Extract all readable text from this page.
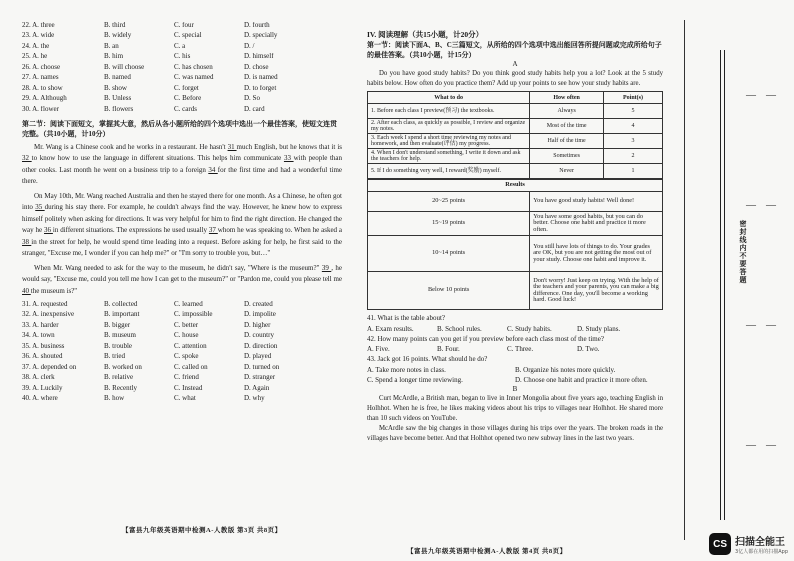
22. A. three	B. third	C. four	D. fourth
23. A. wide	B. widely	C. special	D. specially
24. A. the	B. an	C. a	D. /
25. A. he	B. him	C. his	D. himself
26. A. choose	B. will choose	C. has chosen	D. chose
27. A. names	B. named	C. was named	D. is named
28. A. to show	B. show	C. forget	D. to forget
29. A. Although	B. Unless	C. Before	D. So
30. A. flower	B. flowers	C. cards	D. card
第二节：阅读下面短文，掌握其大意，然后从各小题所给的四个选项中选出一个最佳答案，使短文连贯完整。（共10小题，计10分）
Mr. Wang is a Chinese cook and he works in a restaurant. He hasn't 31 much English, but he knows that it is 32 to know how to use the language in different situations. This helps him communicate 33 with people than other cooks. Last month he went on a business trip to a foreign 34 for the first time and had a wonderful time there.
On May 10th, Mr. Wang reached Australia and then he stayed there for one month. As a Chinese, he often got into 35 during his stay there. For example, he couldn't always find the way. However, he knew how to express himself politely when asking for directions. It was very helpful for him to find the right direction. He changed the way he 36 in different situations. The expressions he used usually 37 whom he was speaking to. When he asked a 38 in the street for help, he would spend time leading into a request. Before asking for help, he first said to the stranger, "Excuse me, I wonder if you can help me?" or "I'm sorry to trouble you, but…"
When Mr. Wang needed to ask for the way to the museum, he didn't say, "Where is the museum?" 39 , he would say, "Excuse me, could you tell me how I can get to the museum?" or "Pardon me, could you please tell me 40 the museum is?"
31. A. requested	B. collected	C. learned	D. created
32. A. inexpensive	B. important	C. impossible	D. impolite
33. A. harder	B. bigger	C. better	D. higher
34. A. town	B. museum	C. house	D. country
35. A. business	B. trouble	C. attention	D. direction
36. A. shouted	B. tried	C. spoke	D. played
37. A. depended on	B. worked on	C. called on	D. turned on
38. A. clerk	B. relative	C. friend	D. stranger
39. A. Luckily	B. Recently	C. Instead	D. Again
40. A. where	B. how	C. what	D. why
【富县九年级英语期中检测A-人教版 第3页 共8页】
IV. 阅读理解（共15小题，计20分）
第一节：阅读下面A、B、C三篇短文，从所给的四个选项中选出能回答所提问题或完成所给句子的最佳答案。（共10小题，计15分）
A
Do you have good study habits? Do you think good study habits help you a lot? Look at the 5 study habits below. How often do you practice them? Add up your points to see how your study habits are.
What to do	How often	Point(s)
1. Before each class I preview(预习) the textbooks.	Always	5
2. After each class, as quickly as possible, I review and organize my notes.	Most of the time	4
3. Each week I spend a short time reviewing my notes and homework, and then evaluate(评估) my progress.	Half of the time	3
4. When I don't understand something, I write it down and ask the teachers for help.	Sometimes	2
5. If I do something very well, I reward(奖励) myself.	Never	1
Results	
20~25 points	You have good study habits! Well done!
15~19 points	You have some good habits, but you can do better. Choose one habit and practice it more often.
10~14 points	You still have lots of things to do. Your grades are OK, but you are not getting the most out of your study. Choose one habit and improve it.
Below 10 points	Don't worry! Just keep on trying. With the help of the teachers and your parents, you can make a big difference. One day, you'll become a working hard. Good luck!
41. What is the table about?
A. Exam results.	B. School rules.	C. Study habits.	D. Study plans.
42. How many points can you get if you preview before each class most of the time?
A. Five.	B. Four.	C. Three.	D. Two.
43. Jack got 16 points. What should he do?
A. Take more notes in class.	B. Organize his notes more quickly.
C. Spend a longer time reviewing.	D. Choose one habit and practice it more often.
B
Curt McArdle, a British man, began to live in Inner Mongolia about five years ago, teaching English in Holhhot. When he is free, he likes making videos about his trips to villages near Holhhot. He shared more than 10 such videos on YouTube.
McArdle saw the big changes in those villages during his trips over the years. The broken roads in the villages have become better. And that Holhhot opened two new subway lines in the last two years.
【富县九年级英语期中检测A-人教版 第4页 共8页】
密封线内不要答题
— —
— —
— —
— —
CS 扫描全能王
3亿人都在用的扫描App
